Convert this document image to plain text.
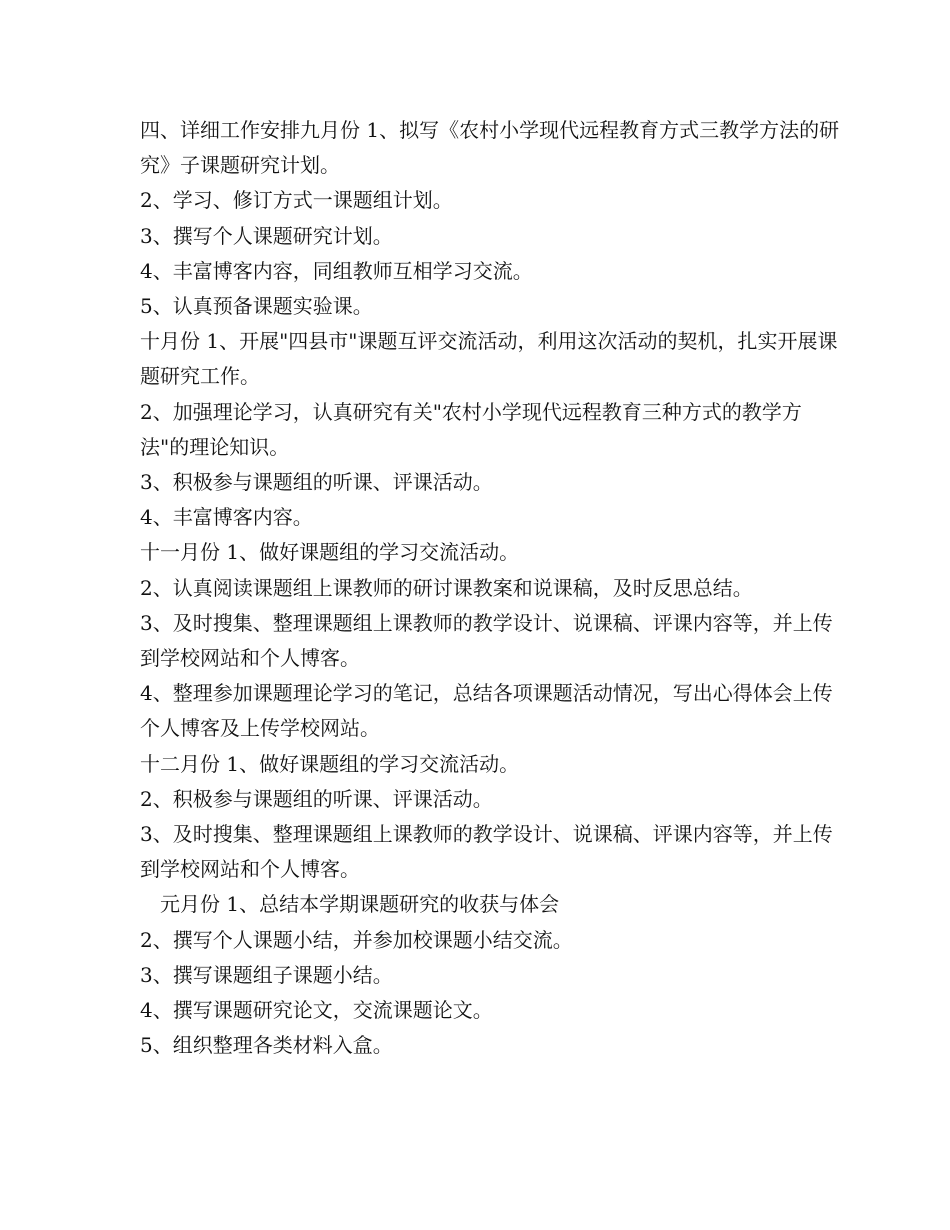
四、详细工作安排九月份 1、拟写《农村小学现代远程教育方式三教学方法的研究》子课题研究计划。

2、学习、修订方式一课题组计划。

3、撰写个人课题研究计划。

4、丰富博客内容，同组教师互相学习交流。

5、认真预备课题实验课。

十月份 1、开展"四县市"课题互评交流活动，利用这次活动的契机，扎实开展课题研究工作。

2、加强理论学习，认真研究有关"农村小学现代远程教育三种方式的教学方法"的理论知识。

3、积极参与课题组的听课、评课活动。

4、丰富博客内容。

十一月份 1、做好课题组的学习交流活动。

2、认真阅读课题组上课教师的研讨课教案和说课稿，及时反思总结。

3、及时搜集、整理课题组上课教师的教学设计、说课稿、评课内容等，并上传到学校网站和个人博客。

4、整理参加课题理论学习的笔记，总结各项课题活动情况，写出心得体会上传个人博客及上传学校网站。

十二月份 1、做好课题组的学习交流活动。

2、积极参与课题组的听课、评课活动。

3、及时搜集、整理课题组上课教师的教学设计、说课稿、评课内容等，并上传到学校网站和个人博客。

元月份 1、总结本学期课题研究的收获与体会

2、撰写个人课题小结，并参加校课题小结交流。

3、撰写课题组子课题小结。

4、撰写课题研究论文，交流课题论文。

5、组织整理各类材料入盒。
